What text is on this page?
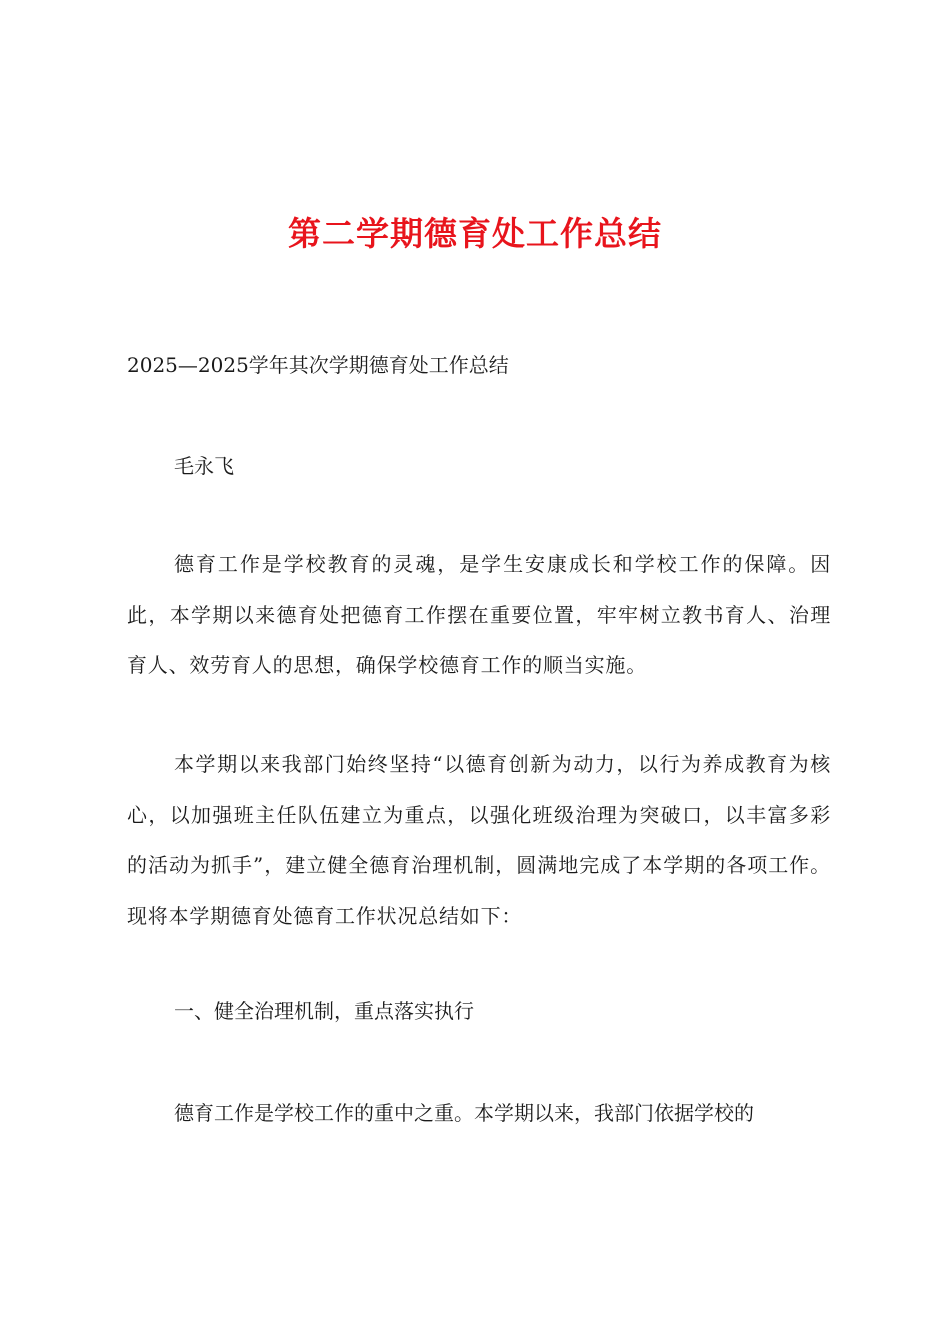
第二学期德育处工作总结
2025—2025学年其次学期德育处工作总结
毛永飞
德育工作是学校教育的灵魂，是学生安康成长和学校工作的保障。因此，本学期以来德育处把德育工作摆在重要位置，牢牢树立教书育人、治理育人、效劳育人的思想，确保学校德育工作的顺当实施。
本学期以来我部门始终坚持“以德育创新为动力，以行为养成教育为核心，以加强班主任队伍建立为重点，以强化班级治理为突破口，以丰富多彩的活动为抓手”，建立健全德育治理机制，圆满地完成了本学期的各项工作。现将本学期德育处德育工作状况总结如下：
一、健全治理机制，重点落实执行
德育工作是学校工作的重中之重。本学期以来，我部门依据学校的
